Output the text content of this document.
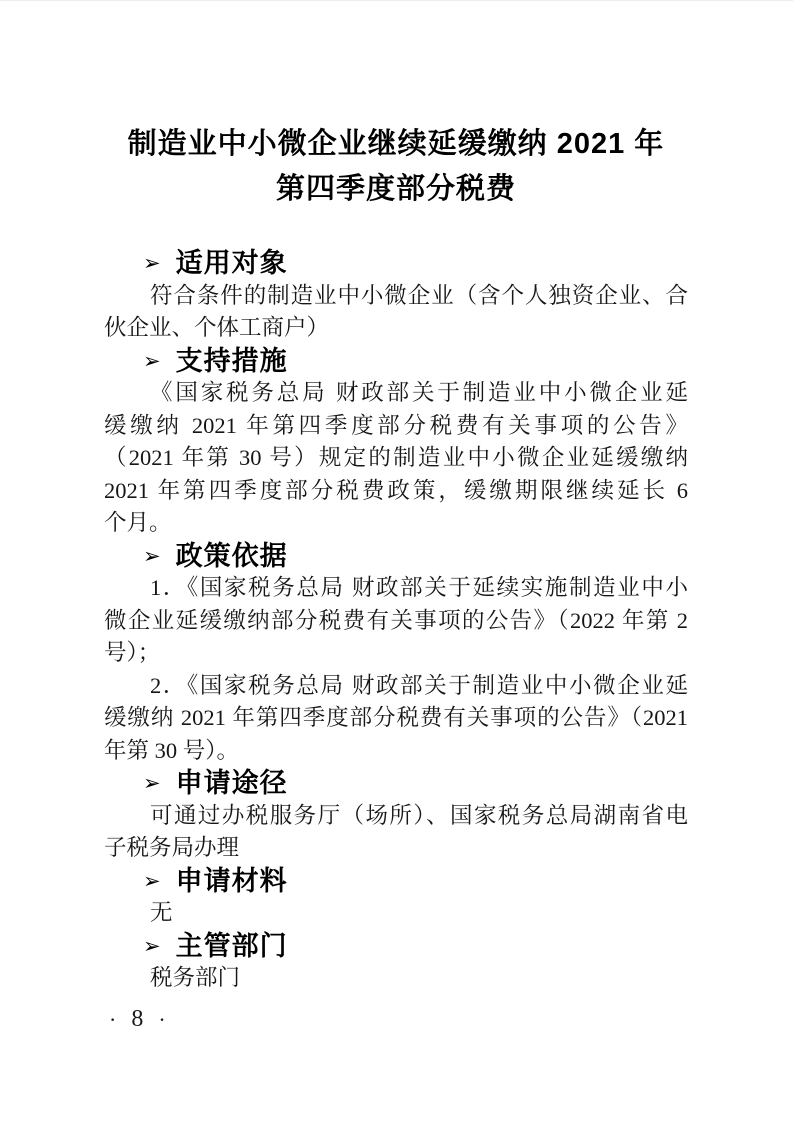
制造业中小微企业继续延缓缴纳 2021 年
第四季度部分税费
➢ 适用对象
符合条件的制造业中小微企业（含个人独资企业、合
伙企业、个体工商户）
➢ 支持措施
《国家税务总局 财政部关于制造业中小微企业延
缓缴纳 2021 年第四季度部分税费有关事项的公告》
（2021 年第 30 号）规定的制造业中小微企业延缓缴纳
2021 年第四季度部分税费政策，缓缴期限继续延长 6
个月。
➢ 政策依据
1．《国家税务总局 财政部关于延续实施制造业中小
微企业延缓缴纳部分税费有关事项的公告》（2022 年第 2
号）；
2．《国家税务总局 财政部关于制造业中小微企业延
缓缴纳 2021 年第四季度部分税费有关事项的公告》（2021
年第 30 号）。
➢ 申请途径
可通过办税服务厅（场所）、国家税务总局湖南省电
子税务局办理
➢ 申请材料
无
➢ 主管部门
税务部门
· 8 ·
